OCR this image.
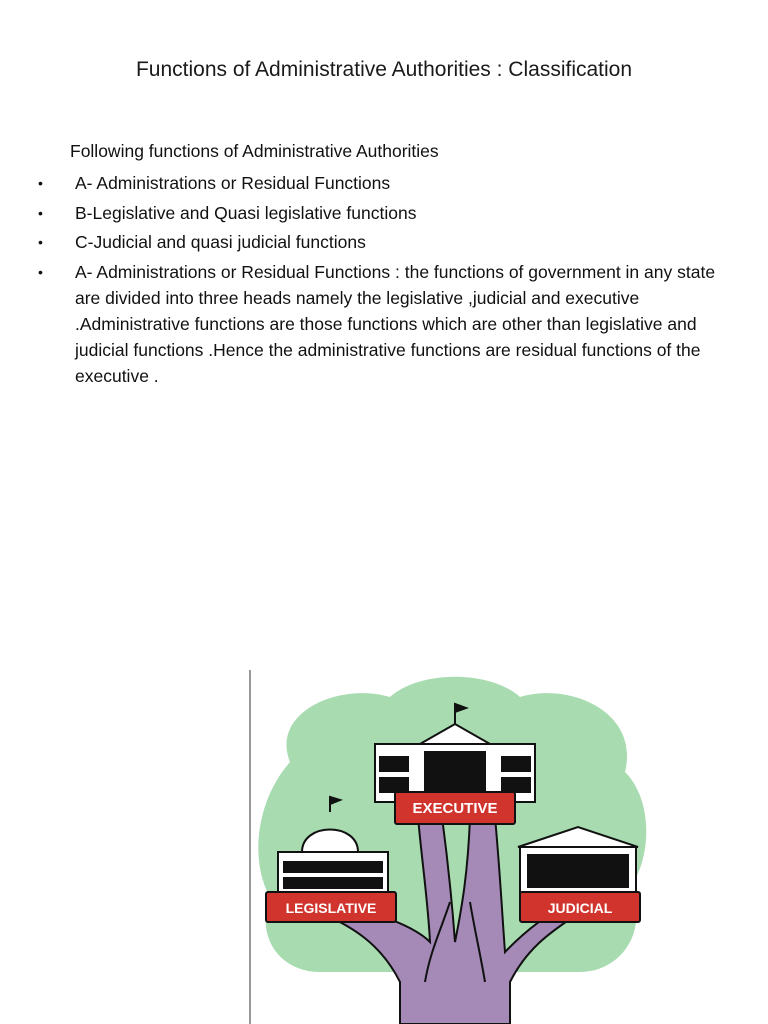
Functions of Administrative Authorities : Classification
Following functions of Administrative Authorities
• A- Administrations or Residual Functions
• B-Legislative and Quasi legislative functions
• C-Judicial and quasi judicial functions
• A- Administrations or Residual Functions : the functions of government in any state are divided into three heads namely the legislative ,judicial and executive .Administrative functions are those functions which are other than legislative and judicial functions .Hence the administrative functions are residual functions of the executive .
EXECUTIVE
LEGISLATIVE	JUDICIAL
